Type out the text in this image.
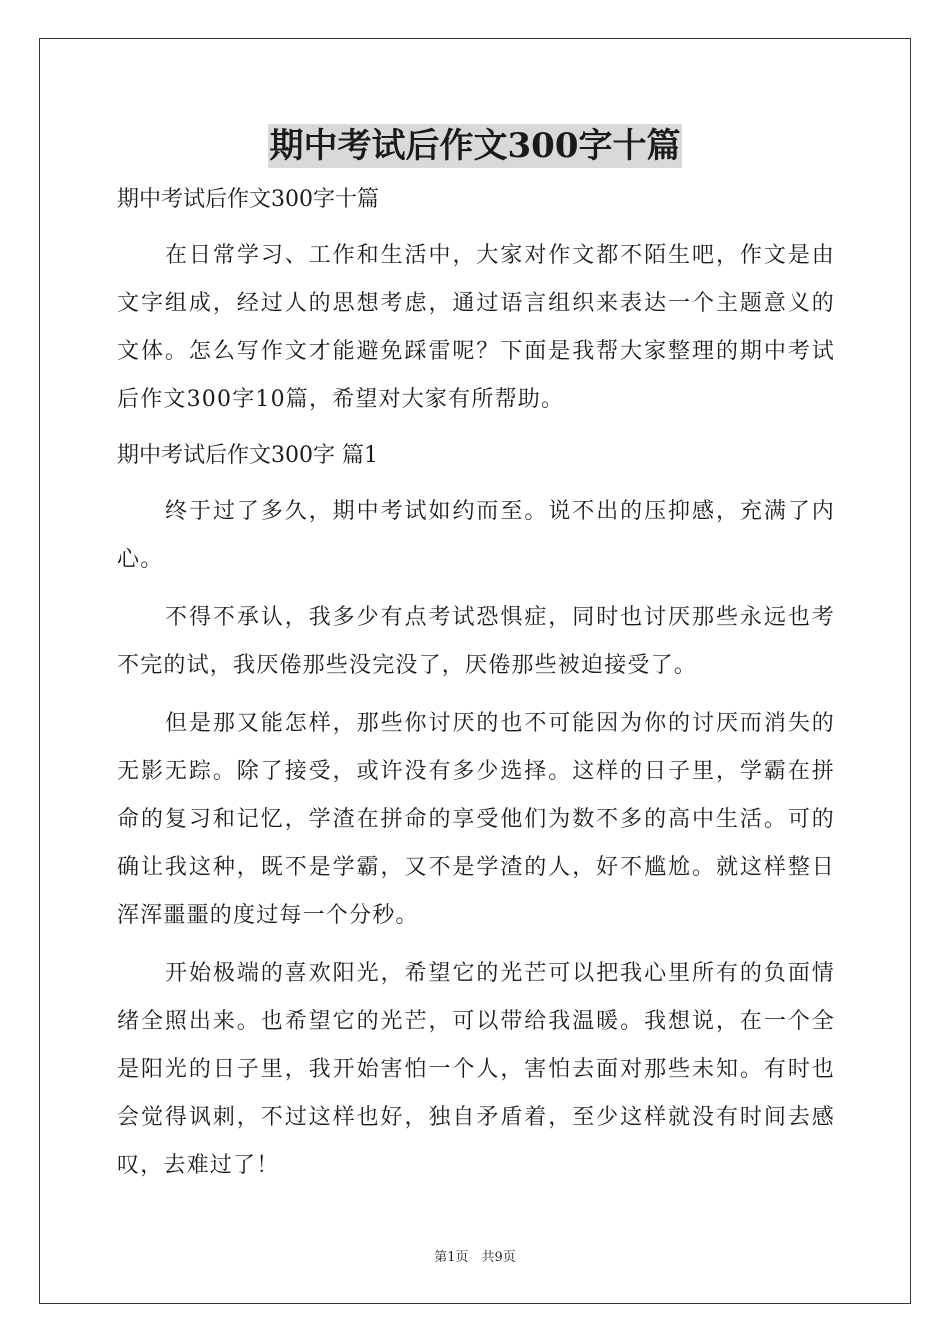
期中考试后作文300字十篇

期中考试后作文300字十篇

在日常学习、工作和生活中，大家对作文都不陌生吧，作文是由文字组成，经过人的思想考虑，通过语言组织来表达一个主题意义的文体。怎么写作文才能避免踩雷呢？下面是我帮大家整理的期中考试后作文300字10篇，希望对大家有所帮助。

期中考试后作文300字 篇1

终于过了多久，期中考试如约而至。说不出的压抑感，充满了内心。

不得不承认，我多少有点考试恐惧症，同时也讨厌那些永远也考不完的试，我厌倦那些没完没了，厌倦那些被迫接受了。

但是那又能怎样，那些你讨厌的也不可能因为你的讨厌而消失的无影无踪。除了接受，或许没有多少选择。这样的日子里，学霸在拼命的复习和记忆，学渣在拼命的享受他们为数不多的高中生活。可的确让我这种，既不是学霸，又不是学渣的人，好不尴尬。就这样整日浑浑噩噩的度过每一个分秒。

开始极端的喜欢阳光，希望它的光芒可以把我心里所有的负面情绪全照出来。也希望它的光芒，可以带给我温暖。我想说，在一个全是阳光的日子里，我开始害怕一个人，害怕去面对那些未知。有时也会觉得讽刺，不过这样也好，独自矛盾着，至少这样就没有时间去感叹，去难过了！

第1页　共9页
